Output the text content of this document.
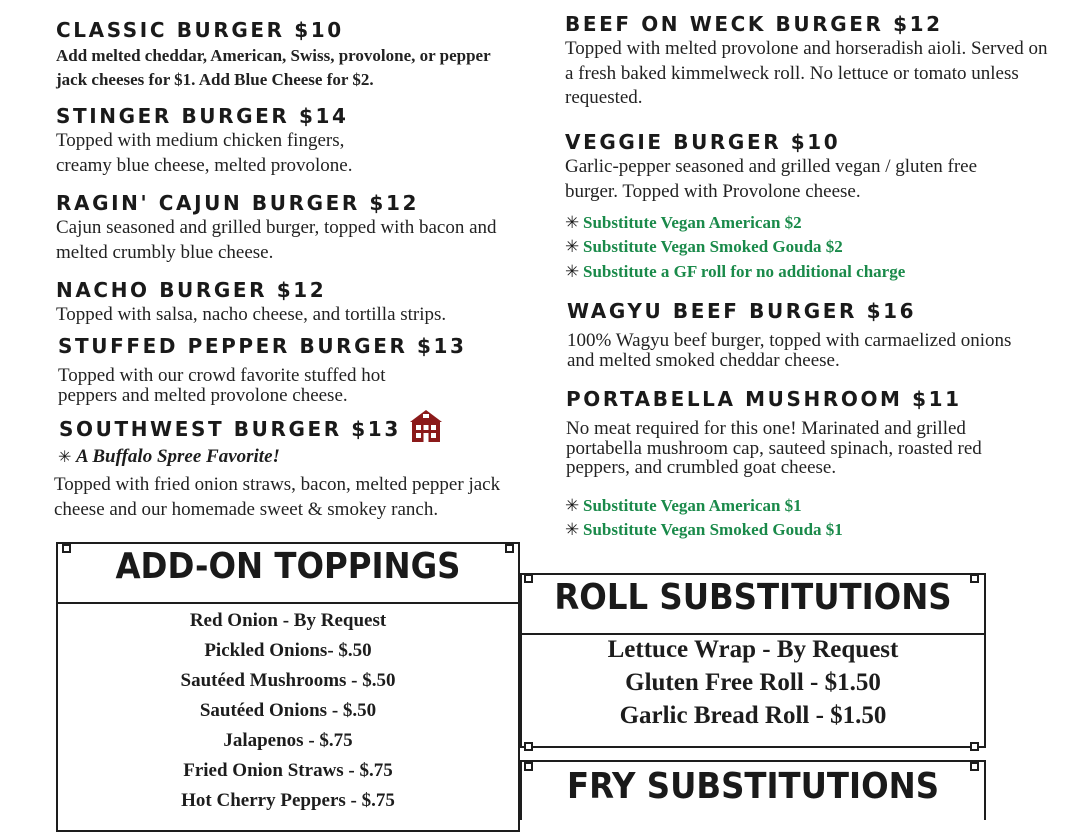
CLASSIC BURGER $10
Add melted cheddar, American, Swiss, provolone, or pepper jack cheeses for $1. Add Blue Cheese for $2.
STINGER BURGER $14
Topped with medium chicken fingers, creamy blue cheese, melted provolone.
RAGIN' CAJUN BURGER $12
Cajun seasoned and grilled burger, topped with bacon and melted crumbly blue cheese.
NACHO BURGER $12
Topped with salsa, nacho cheese, and tortilla strips.
STUFFED PEPPER BURGER $13
Topped with our crowd favorite stuffed hot peppers and melted provolone cheese.
SOUTHWEST BURGER $13
✳ A Buffalo Spree Favorite!
Topped with fried onion straws, bacon, melted pepper jack cheese and our homemade sweet & smokey ranch.
BEEF ON WECK BURGER $12
Topped with melted provolone and horseradish aioli. Served on a fresh baked kimmelweck roll. No lettuce or tomato unless requested.
VEGGIE BURGER $10
Garlic-pepper seasoned and grilled vegan / gluten free burger. Topped with Provolone cheese.
✳ Substitute Vegan American $2
✳ Substitute Vegan Smoked Gouda $2
✳ Substitute a GF roll for no additional charge
WAGYU BEEF BURGER $16
100% Wagyu beef burger, topped with carmaelized onions and melted smoked cheddar cheese.
PORTABELLA MUSHROOM $11
No meat required for this one! Marinated and grilled portabella mushroom cap, sauteed spinach, roasted red peppers, and crumbled goat cheese.
✳ Substitute Vegan American $1
✳ Substitute Vegan Smoked Gouda $1
ADD-ON TOPPINGS
Red Onion - By Request
Pickled Onions- $.50
Sautéed Mushrooms - $.50
Sautéed Onions - $.50
Jalapenos - $.75
Fried Onion Straws - $.75
Hot Cherry Peppers - $.75
ROLL SUBSTITUTIONS
Lettuce Wrap - By Request
Gluten Free Roll - $1.50
Garlic Bread Roll - $1.50
FRY SUBSTITUTIONS
